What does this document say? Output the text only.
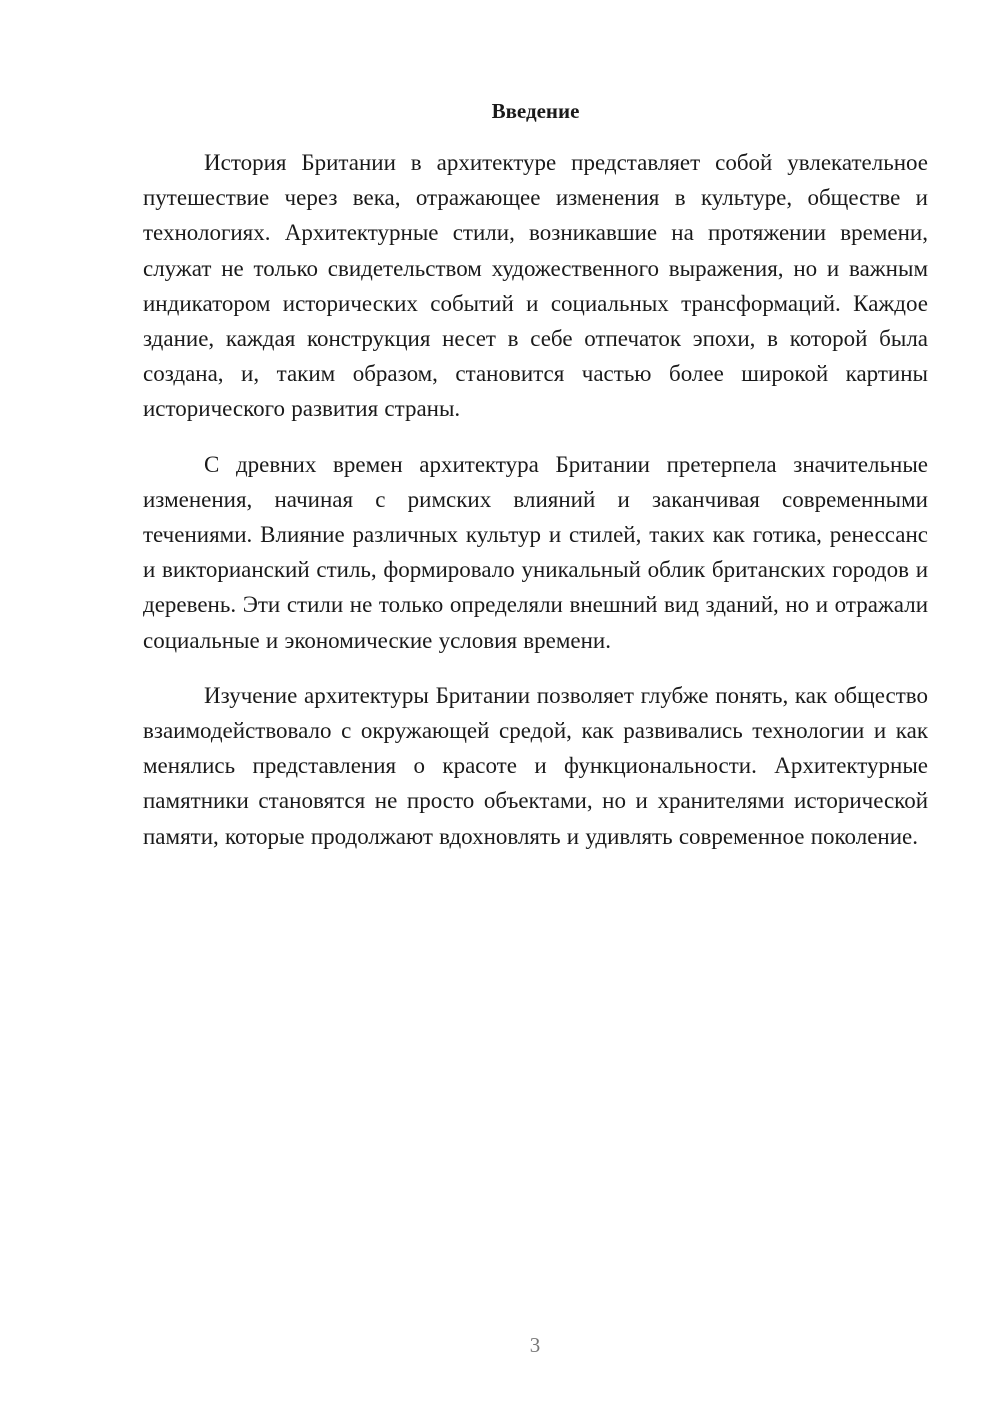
Введение

История Британии в архитектуре представляет собой увлекательное путешествие через века, отражающее изменения в культуре, обществе и технологиях. Архитектурные стили, возникавшие на протяжении времени, служат не только свидетельством художественного выражения, но и важным индикатором исторических событий и социальных трансформаций. Каждое здание, каждая конструкция несет в себе отпечаток эпохи, в которой была создана, и, таким образом, становится частью более широкой картины исторического развития страны.

С древних времен архитектура Британии претерпела значительные изменения, начиная с римских влияний и заканчивая современными течениями. Влияние различных культур и стилей, таких как готика, ренессанс и викторианский стиль, формировало уникальный облик британских городов и деревень. Эти стили не только определяли внешний вид зданий, но и отражали социальные и экономические условия времени.

Изучение архитектуры Британии позволяет глубже понять, как общество взаимодействовало с окружающей средой, как развивались технологии и как менялись представления о красоте и функциональности. Архитектурные памятники становятся не просто объектами, но и хранителями исторической памяти, которые продолжают вдохновлять и удивлять современное поколение.

3
